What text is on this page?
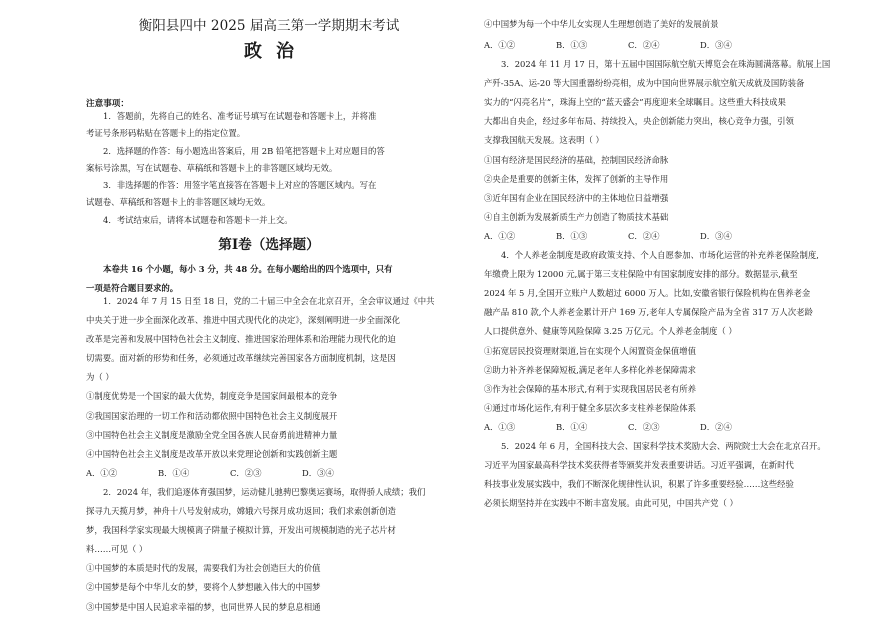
衡阳县四中 2025 届高三第一学期期末考试
政治
注意事项：
1．答题前，先将自己的姓名、准考证号填写在试题卷和答题卡上，并将准
考证号条形码粘贴在答题卡上的指定位置。
2．选择题的作答：每小题选出答案后，用 2B 铅笔把答题卡上对应题目的答
案标号涂黑，写在试题卷、草稿纸和答题卡上的非答题区域均无效。
3．非选择题的作答：用签字笔直接答在答题卡上对应的答题区域内。写在
试题卷、草稿纸和答题卡上的非答题区域均无效。
4．考试结束后，请将本试题卷和答题卡一并上交。
第Ⅰ卷（选择题）
本卷共 16 个小题，每小 3 分，共 48 分。在每小题给出的四个选项中，只有
一项是符合题目要求的。
1．2024 年 7 月 15 日至 18 日，党的二十届三中全会在北京召开，全会审议通过《中共
中央关于进一步全面深化改革、推进中国式现代化的决定》，深刻阐明进一步全面深化
改革是完善和发展中国特色社会主义制度、推进国家治理体系和治理能力现代化的迫
切需要。面对新的形势和任务，必须通过改革继续完善国家各方面制度机制，这是因
为（ ）
①制度优势是一个国家的最大优势，制度竞争是国家间最根本的竞争
②我国国家治理的一切工作和活动都依照中国特色社会主义制度展开
③中国特色社会主义制度是激励全党全国各族人民奋勇前进精神力量
④中国特色社会主义制度是改革开放以来党理论创新和实践创新主题
A．①②	B．①④	C．②③	D．③④
2．2024 年，我们追逐体育强国梦，运动健儿驰骋巴黎奥运赛场，取得骄人成绩；我们
探寻九天揽月梦，神舟十八号发射成功，嫦娥六号探月成功返回；我们求索创新创造
梦，我国科学家实现最大规模离子阱量子模拟计算，开发出可规模制造的光子芯片材
料……可见（ ）
①中国梦的本质是时代的发展，需要我们为社会创造巨大的价值
②中国梦是每个中华儿女的梦，要将个人梦想融入伟大的中国梦
③中国梦是中国人民追求幸福的梦，也同世界人民的梦息息相通
④中国梦为每一个中华儿女实现人生理想创造了美好的发展前景
A．①②	B．①③	C．②④	D．③④
3．2024 年 11 月 17 日，第十五届中国国际航空航天博览会在珠海圆满落幕。航展上国
产歼-35A、运-20 等大国重器纷纷亮相，成为中国向世界展示航空航天成就及国防装备
实力的“闪亮名片”，珠海上空的“蓝天盛会”再度迎来全球瞩目。这些重大科技成果
大都出自央企，经过多年布局、持续投入，央企创新能力突出，核心竞争力强，引领
支撑我国航天发展。这表明（ ）
①国有经济是国民经济的基础，控制国民经济命脉
②央企是重要的创新主体，发挥了创新的主导作用
③近年国有企业在国民经济中的主体地位日益增强
④自主创新为发展新质生产力创造了物质技术基础
A．①②	B．①③	C．②④	D．③④
4．个人养老金制度是政府政策支持、个人自愿参加、市场化运营的补充养老保险制度,
年缴费上限为 12000 元,属于第三支柱保险中有国家制度安排的部分。数据显示,截至
2024 年 5 月,全国开立账户人数超过 6000 万人。比如,安徽省银行保险机构在售养老金
融产品 810 款,个人养老金累计开户 169 万,老年人专属保险产品为全省 317 万人次老龄
人口提供意外、健康等风险保障 3.25 万亿元。个人养老金制度（ ）
①拓宽居民投资理财渠道,旨在实现个人闲置资金保值增值
②助力补齐养老保障短板,满足老年人多样化养老保障需求
③作为社会保障的基本形式,有利于实现我国居民老有所养
④通过市场化运作,有利于健全多层次多支柱养老保险体系
A．①③	B．①④	C．②③	D．②④
5．2024 年 6 月，全国科技大会、国家科学技术奖励大会、两院院士大会在北京召开。
习近平为国家最高科学技术奖获得者等颁奖并发表重要讲话。习近平强调，在新时代
科技事业发展实践中，我们不断深化规律性认识，积累了许多重要经验……这些经验
必须长期坚持并在实践中不断丰富发展。由此可见，中国共产党（ ）
